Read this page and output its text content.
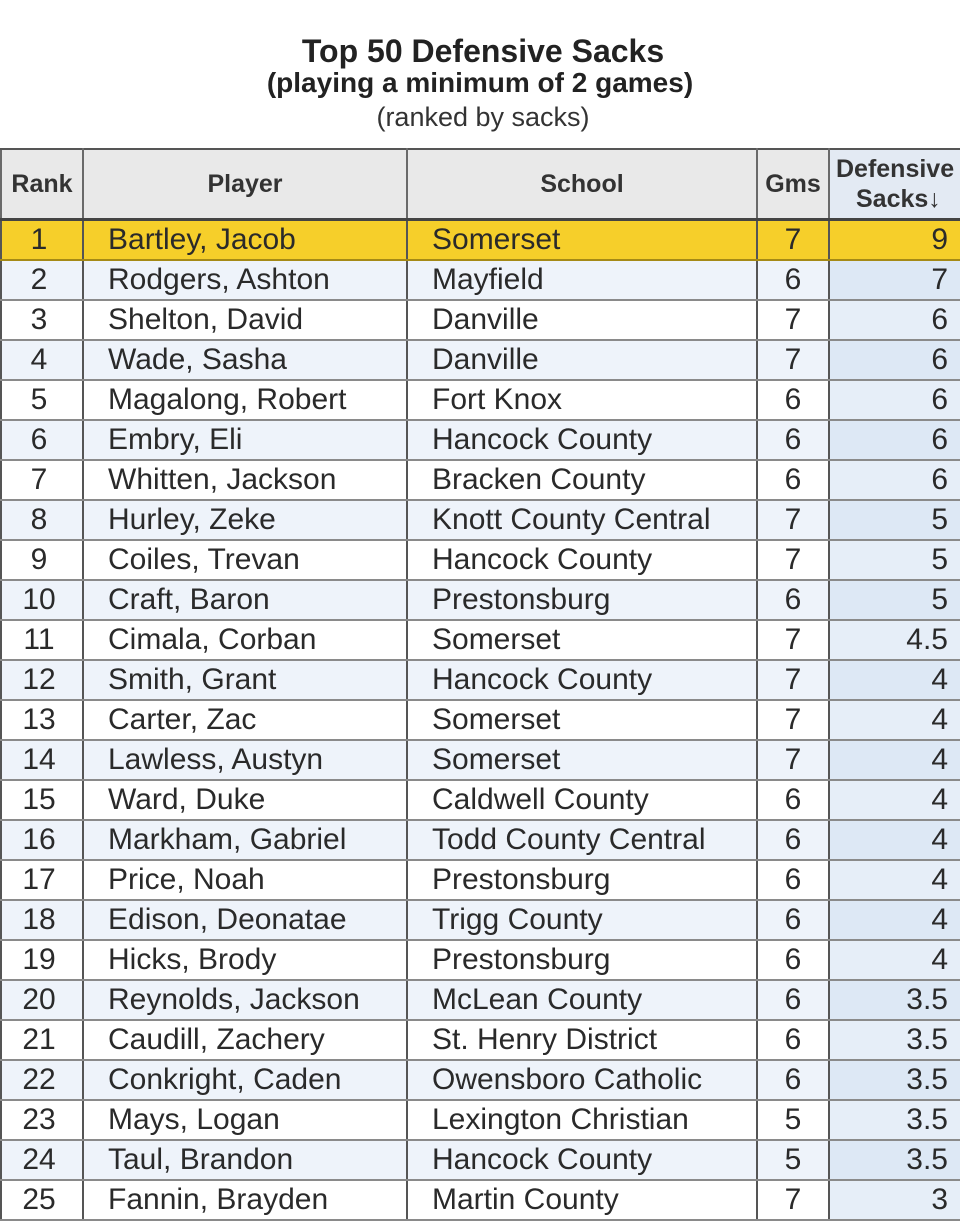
Top 50 Defensive Sacks
(playing a minimum of 2 games)
(ranked by sacks)
Rank	Player	School	Gms	Defensive
Sacks↓

1	Bartley, Jacob	Somerset	7	9
2	Rodgers, Ashton	Mayfield	6	7
3	Shelton, David	Danville	7	6
4	Wade, Sasha	Danville	7	6
5	Magalong, Robert	Fort Knox	6	6
6	Embry, Eli	Hancock County	6	6
7	Whitten, Jackson	Bracken County	6	6
8	Hurley, Zeke	Knott County Central	7	5
9	Coiles, Trevan	Hancock County	7	5
10	Craft, Baron	Prestonsburg	6	5
11	Cimala, Corban	Somerset	7	4.5
12	Smith, Grant	Hancock County	7	4
13	Carter, Zac	Somerset	7	4
14	Lawless, Austyn	Somerset	7	4
15	Ward, Duke	Caldwell County	6	4
16	Markham, Gabriel	Todd County Central	6	4
17	Price, Noah	Prestonsburg	6	4
18	Edison, Deonatae	Trigg County	6	4
19	Hicks, Brody	Prestonsburg	6	4
20	Reynolds, Jackson	McLean County	6	3.5
21	Caudill, Zachery	St. Henry District	6	3.5
22	Conkright, Caden	Owensboro Catholic	6	3.5
23	Mays, Logan	Lexington Christian	5	3.5
24	Taul, Brandon	Hancock County	5	3.5
25	Fannin, Brayden	Martin County	7	3
